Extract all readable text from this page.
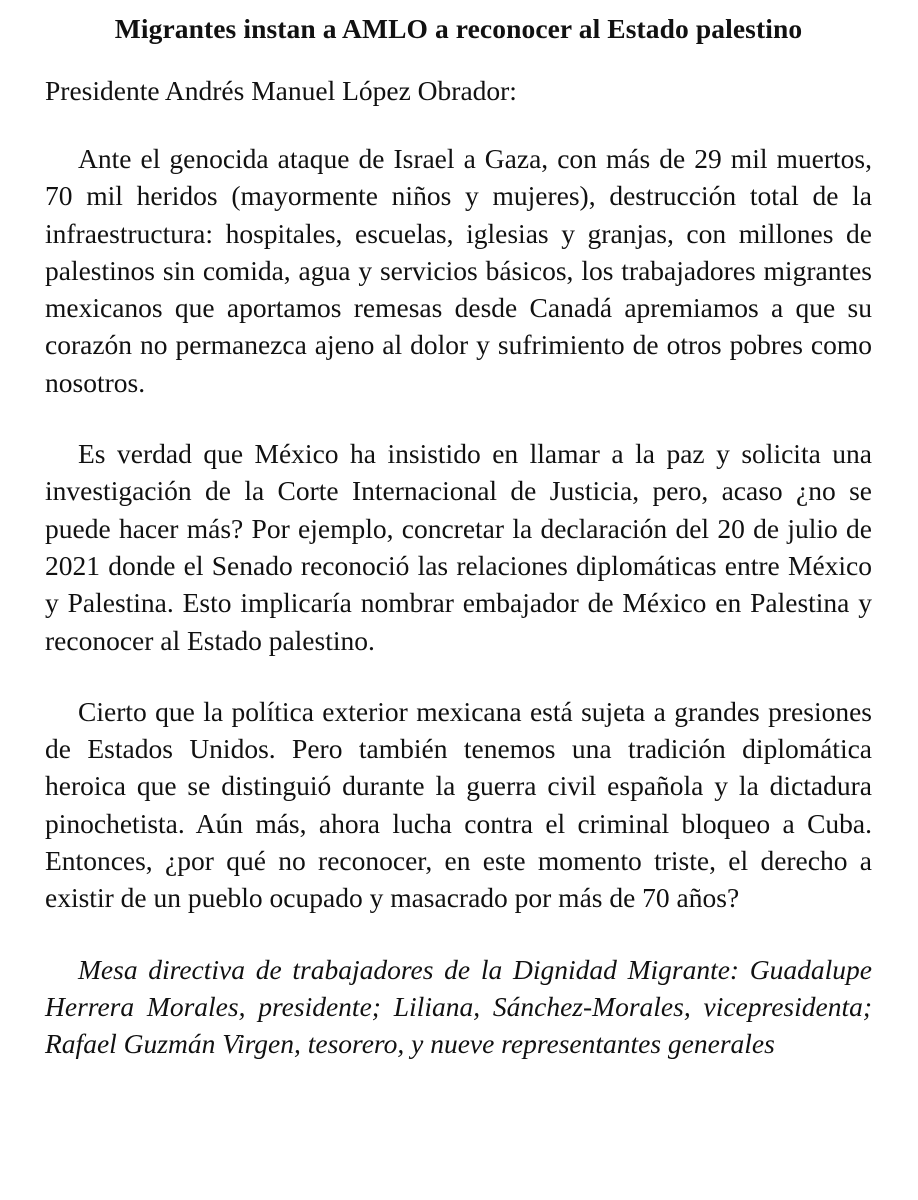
Migrantes instan a AMLO a reconocer al Estado palestino

Presidente Andrés Manuel López Obrador:

Ante el genocida ataque de Israel a Gaza, con más de 29 mil muertos, 70 mil heridos (mayormente niños y mujeres), destrucción total de la infraestructura: hospitales, escuelas, iglesias y granjas, con millones de palestinos sin comida, agua y servicios básicos, los trabajadores migrantes mexicanos que aportamos remesas desde Canadá apremiamos a que su corazón no permanezca ajeno al dolor y sufrimiento de otros pobres como nosotros.

Es verdad que México ha insistido en llamar a la paz y solicita una investigación de la Corte Internacional de Justicia, pero, acaso ¿no se puede hacer más? Por ejemplo, concretar la declaración del 20 de julio de 2021 donde el Senado reconoció las relaciones diplomáticas entre México y Palestina. Esto implicaría nombrar embajador de México en Palestina y reconocer al Estado palestino.

Cierto que la política exterior mexicana está sujeta a grandes presiones de Estados Unidos. Pero también tenemos una tradición diplomática heroica que se distinguió durante la guerra civil española y la dictadura pinochetista. Aún más, ahora lucha contra el criminal bloqueo a Cuba. Entonces, ¿por qué no reconocer, en este momento triste, el derecho a existir de un pueblo ocupado y masacrado por más de 70 años?

Mesa directiva de trabajadores de la Dignidad Migrante: Guadalupe Herrera Morales, presidente; Liliana, Sánchez-Morales, vicepresidenta; Rafael Guzmán Virgen, tesorero, y nueve representantes generales
